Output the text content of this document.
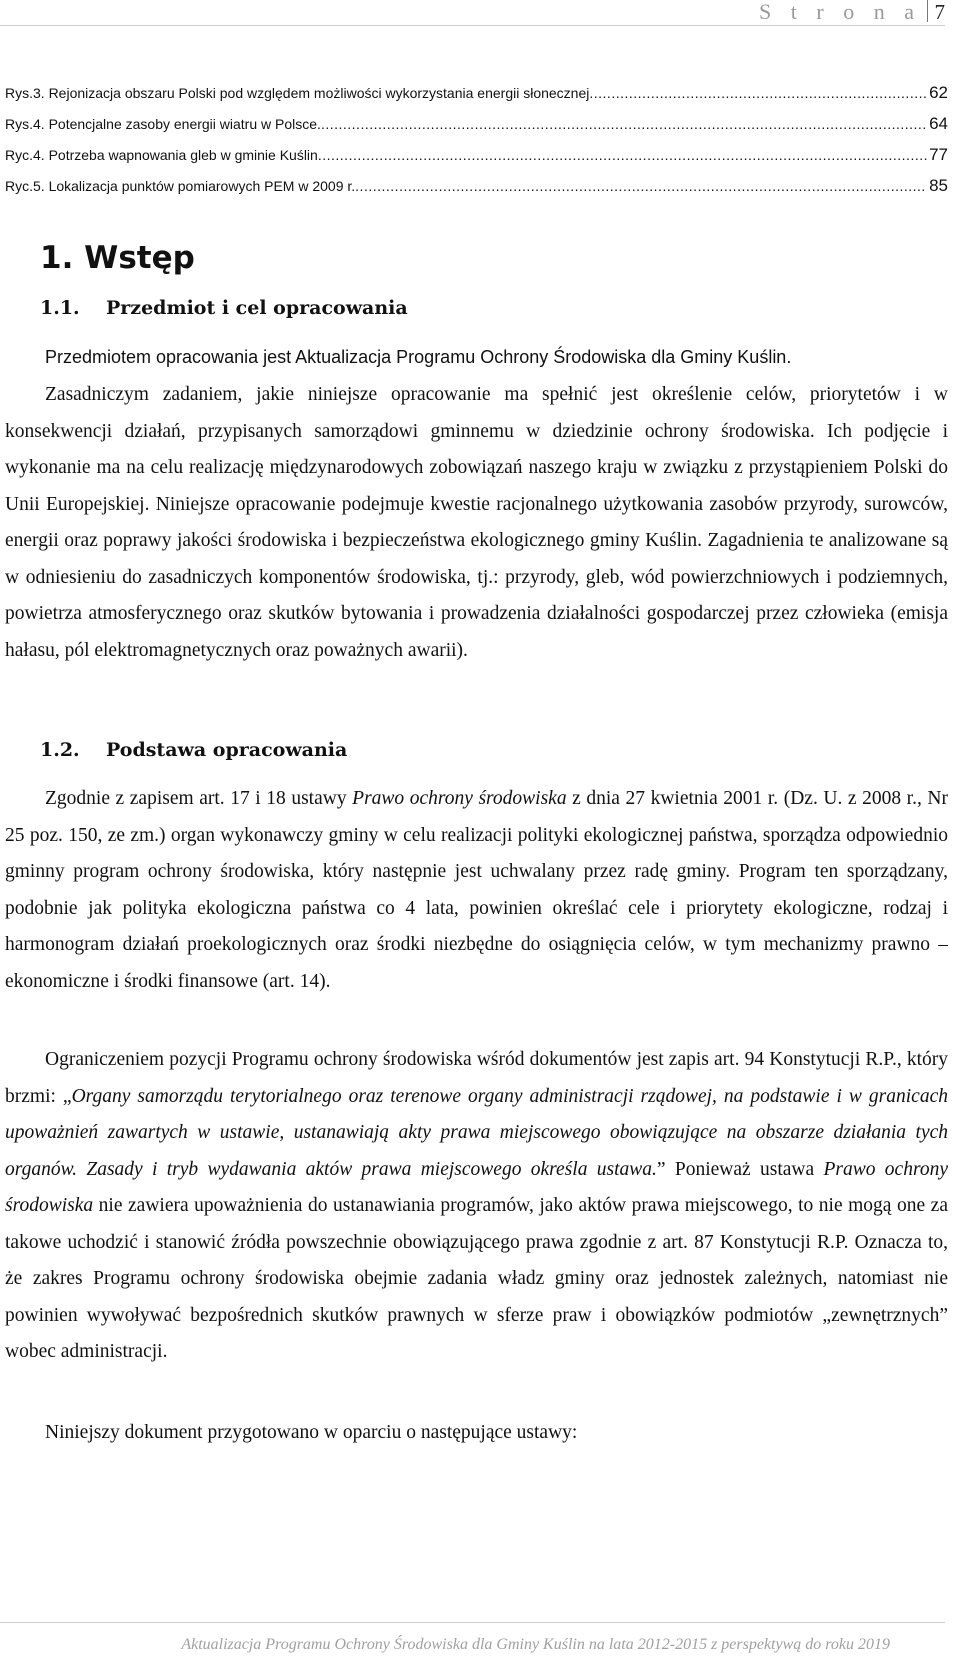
S t r o n a 7
Rys.3. Rejonizacja obszaru Polski pod względem możliwości wykorzystania energii słonecznej .....	62
Rys.4. Potencjalne zasoby energii wiatru w Polsce. .....	64
Ryc.4. Potrzeba wapnowania gleb w gminie Kuślin .....	77
Ryc.5. Lokalizacja punktów pomiarowych PEM w 2009 r. .....	85
1. Wstęp
1.1. Przedmiot i cel opracowania

Przedmiotem opracowania jest Aktualizacja Programu Ochrony Środowiska dla Gminy Kuślin.

Zasadniczym zadaniem, jakie niniejsze opracowanie ma spełnić jest określenie celów, priorytetów i w konsekwencji działań, przypisanych samorządowi gminnemu w dziedzinie ochrony środowiska. Ich podjęcie i wykonanie ma na celu realizację międzynarodowych zobowiązań naszego kraju w związku z przystąpieniem Polski do Unii Europejskiej. Niniejsze opracowanie podejmuje kwestie racjonalnego użytkowania zasobów przyrody, surowców, energii oraz poprawy jakości środowiska i bezpieczeństwa ekologicznego gminy Kuślin. Zagadnienia te analizowane są w odniesieniu do zasadniczych komponentów środowiska, tj.: przyrody, gleb, wód powierzchniowych i podziemnych, powietrza atmosferycznego oraz skutków bytowania i prowadzenia działalności gospodarczej przez człowieka (emisja hałasu, pól elektromagnetycznych oraz poważnych awarii).

1.2. Podstawa opracowania

Zgodnie z zapisem art. 17 i 18 ustawy Prawo ochrony środowiska z dnia 27 kwietnia 2001 r. (Dz. U. z 2008 r., Nr 25 poz. 150, ze zm.) organ wykonawczy gminy w celu realizacji polityki ekologicznej państwa, sporządza odpowiednio gminny program ochrony środowiska, który następnie jest uchwalany przez radę gminy. Program ten sporządzany, podobnie jak polityka ekologiczna państwa co 4 lata, powinien określać cele i priorytety ekologiczne, rodzaj i harmonogram działań proekologicznych oraz środki niezbędne do osiągnięcia celów, w tym mechanizmy prawno – ekonomiczne i środki finansowe (art. 14).

Ograniczeniem pozycji Programu ochrony środowiska wśród dokumentów jest zapis art. 94 Konstytucji R.P., który brzmi: „Organy samorządu terytorialnego oraz terenowe organy administracji rządowej, na podstawie i w granicach upoważnień zawartych w ustawie, ustanawiają akty prawa miejscowego obowiązujące na obszarze działania tych organów. Zasady i tryb wydawania aktów prawa miejscowego określa ustawa.” Ponieważ ustawa Prawo ochrony środowiska nie zawiera upoważnienia do ustanawiania programów, jako aktów prawa miejscowego, to nie mogą one za takowe uchodzić i stanowić źródła powszechnie obowiązującego prawa zgodnie z art. 87 Konstytucji R.P. Oznacza to, że zakres Programu ochrony środowiska obejmie zadania władz gminy oraz jednostek zależnych, natomiast nie powinien wywoływać bezpośrednich skutków prawnych w sferze praw i obowiązków podmiotów „zewnętrznych” wobec administracji.

Niniejszy dokument przygotowano w oparciu o następujące ustawy:

Aktualizacja Programu Ochrony Środowiska dla Gminy Kuślin na lata 2012-2015 z perspektywą do roku 2019
